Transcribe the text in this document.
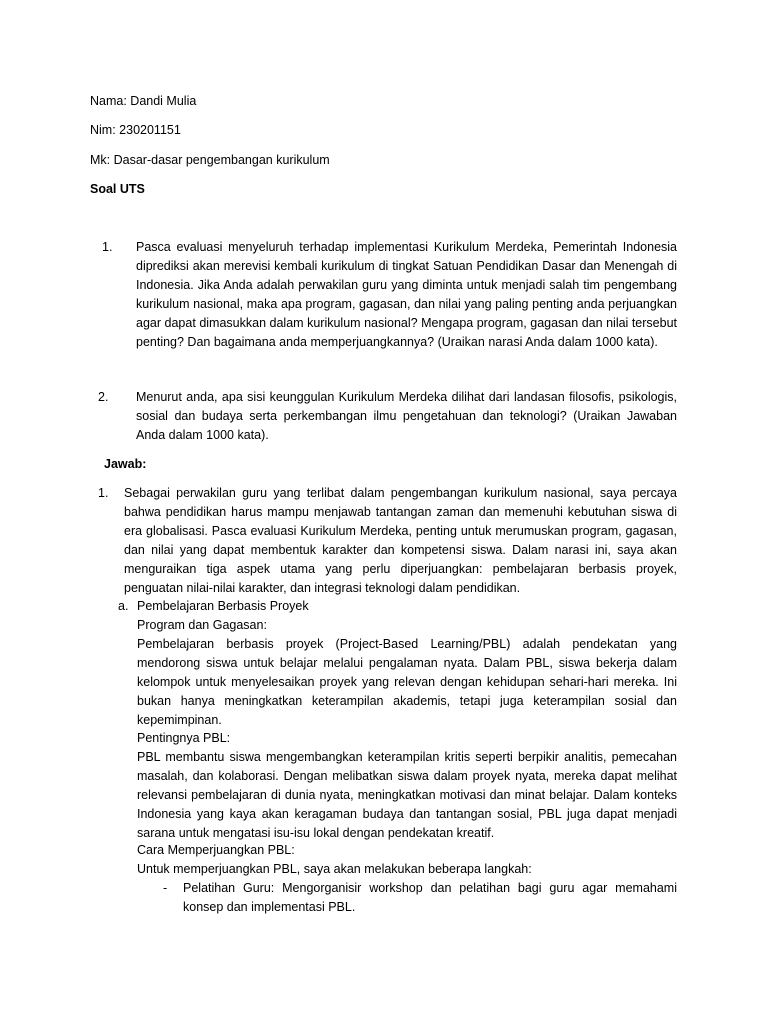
Nama: Dandi Mulia

Nim: 230201151

Mk: Dasar-dasar pengembangan kurikulum

Soal UTS

1. Pasca evaluasi menyeluruh terhadap implementasi Kurikulum Merdeka, Pemerintah Indonesia diprediksi akan merevisi kembali kurikulum di tingkat Satuan Pendidikan Dasar dan Menengah di Indonesia. Jika Anda adalah perwakilan guru yang diminta untuk menjadi salah tim pengembang kurikulum nasional, maka apa program, gagasan, dan nilai yang paling penting anda perjuangkan agar dapat dimasukkan dalam kurikulum nasional? Mengapa program, gagasan dan nilai tersebut penting? Dan bagaimana anda memperjuangkannya? (Uraikan narasi Anda dalam 1000 kata).

2. Menurut anda, apa sisi keunggulan Kurikulum Merdeka dilihat dari landasan filosofis, psikologis, sosial dan budaya serta perkembangan ilmu pengetahuan dan teknologi? (Uraikan Jawaban Anda dalam 1000 kata).

Jawab:

1. Sebagai perwakilan guru yang terlibat dalam pengembangan kurikulum nasional, saya percaya bahwa pendidikan harus mampu menjawab tantangan zaman dan memenuhi kebutuhan siswa di era globalisasi. Pasca evaluasi Kurikulum Merdeka, penting untuk merumuskan program, gagasan, dan nilai yang dapat membentuk karakter dan kompetensi siswa. Dalam narasi ini, saya akan menguraikan tiga aspek utama yang perlu diperjuangkan: pembelajaran berbasis proyek, penguatan nilai-nilai karakter, dan integrasi teknologi dalam pendidikan.

a. Pembelajaran Berbasis Proyek

Program dan Gagasan:

Pembelajaran berbasis proyek (Project-Based Learning/PBL) adalah pendekatan yang mendorong siswa untuk belajar melalui pengalaman nyata. Dalam PBL, siswa bekerja dalam kelompok untuk menyelesaikan proyek yang relevan dengan kehidupan sehari-hari mereka. Ini bukan hanya meningkatkan keterampilan akademis, tetapi juga keterampilan sosial dan kepemimpinan.

Pentingnya PBL:

PBL membantu siswa mengembangkan keterampilan kritis seperti berpikir analitis, pemecahan masalah, dan kolaborasi. Dengan melibatkan siswa dalam proyek nyata, mereka dapat melihat relevansi pembelajaran di dunia nyata, meningkatkan motivasi dan minat belajar. Dalam konteks Indonesia yang kaya akan keragaman budaya dan tantangan sosial, PBL juga dapat menjadi sarana untuk mengatasi isu-isu lokal dengan pendekatan kreatif.

Cara Memperjuangkan PBL:

Untuk memperjuangkan PBL, saya akan melakukan beberapa langkah:

- Pelatihan Guru: Mengorganisir workshop dan pelatihan bagi guru agar memahami konsep dan implementasi PBL.
